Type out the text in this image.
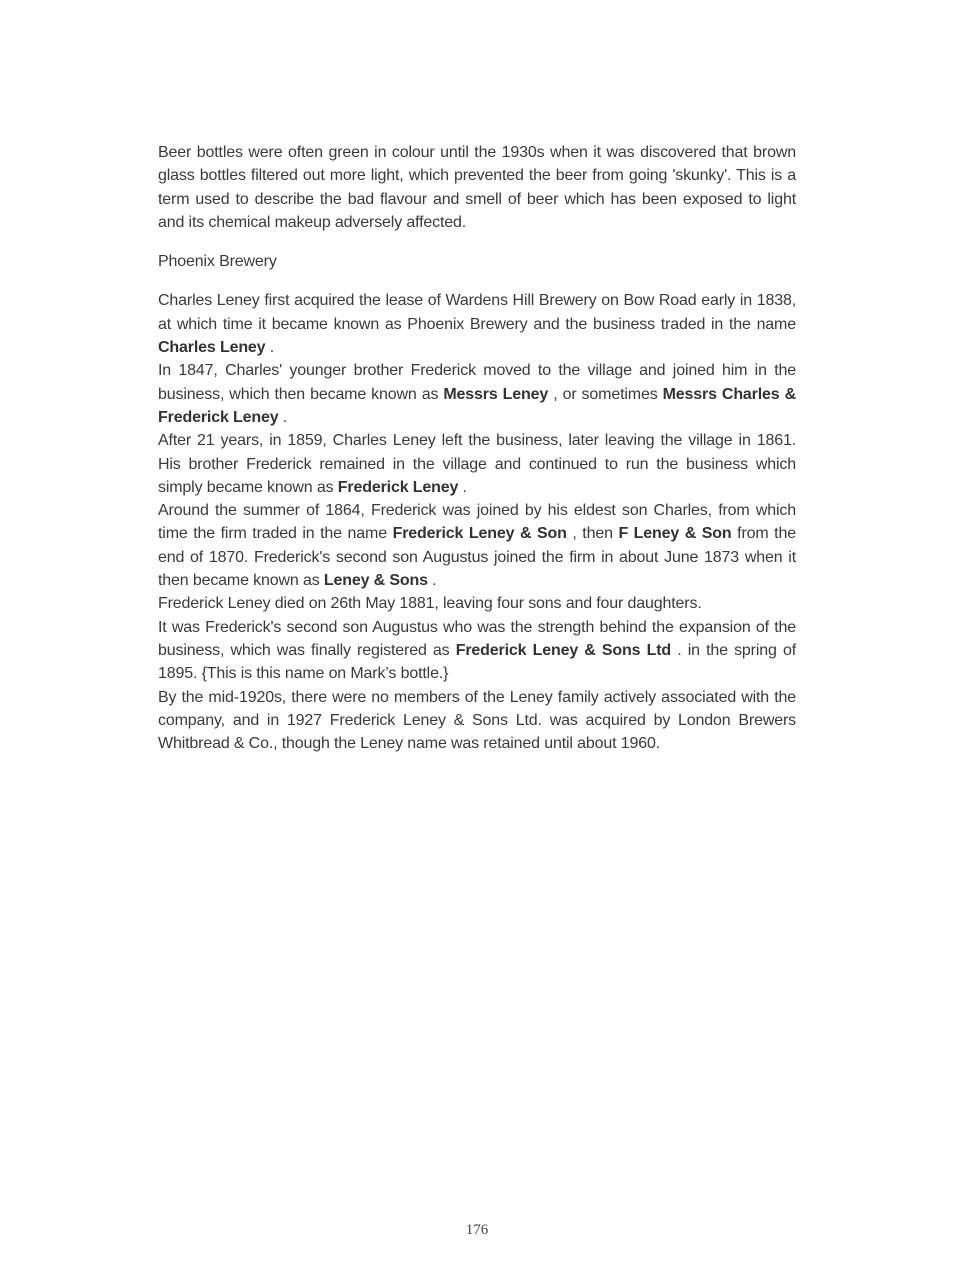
Beer bottles were often green in colour until the 1930s when it was discovered that brown glass bottles filtered out more light, which prevented the beer from going 'skunky'. This is a term used to describe the bad flavour and smell of beer which has been exposed to light and its chemical makeup adversely affected.

Phoenix Brewery

Charles Leney first acquired the lease of Wardens Hill Brewery on Bow Road early in 1838, at which time it became known as Phoenix Brewery and the business traded in the name Charles Leney .

In 1847, Charles' younger brother Frederick moved to the village and joined him in the business, which then became known as Messrs Leney , or sometimes Messrs Charles & Frederick Leney .

After 21 years, in 1859, Charles Leney left the business, later leaving the village in 1861. His brother Frederick remained in the village and continued to run the business which simply became known as Frederick Leney .

Around the summer of 1864, Frederick was joined by his eldest son Charles, from which time the firm traded in the name Frederick Leney & Son , then F Leney & Son from the end of 1870. Frederick's second son Augustus joined the firm in about June 1873 when it then became known as Leney & Sons .

Frederick Leney died on 26th May 1881, leaving four sons and four daughters.

It was Frederick's second son Augustus who was the strength behind the expansion of the business, which was finally registered as Frederick Leney & Sons Ltd . in the spring of 1895. {This is this name on Mark’s bottle.}

By the mid-1920s, there were no members of the Leney family actively associated with the company, and in 1927 Frederick Leney & Sons Ltd. was acquired by London Brewers Whitbread & Co., though the Leney name was retained until about 1960.

176
